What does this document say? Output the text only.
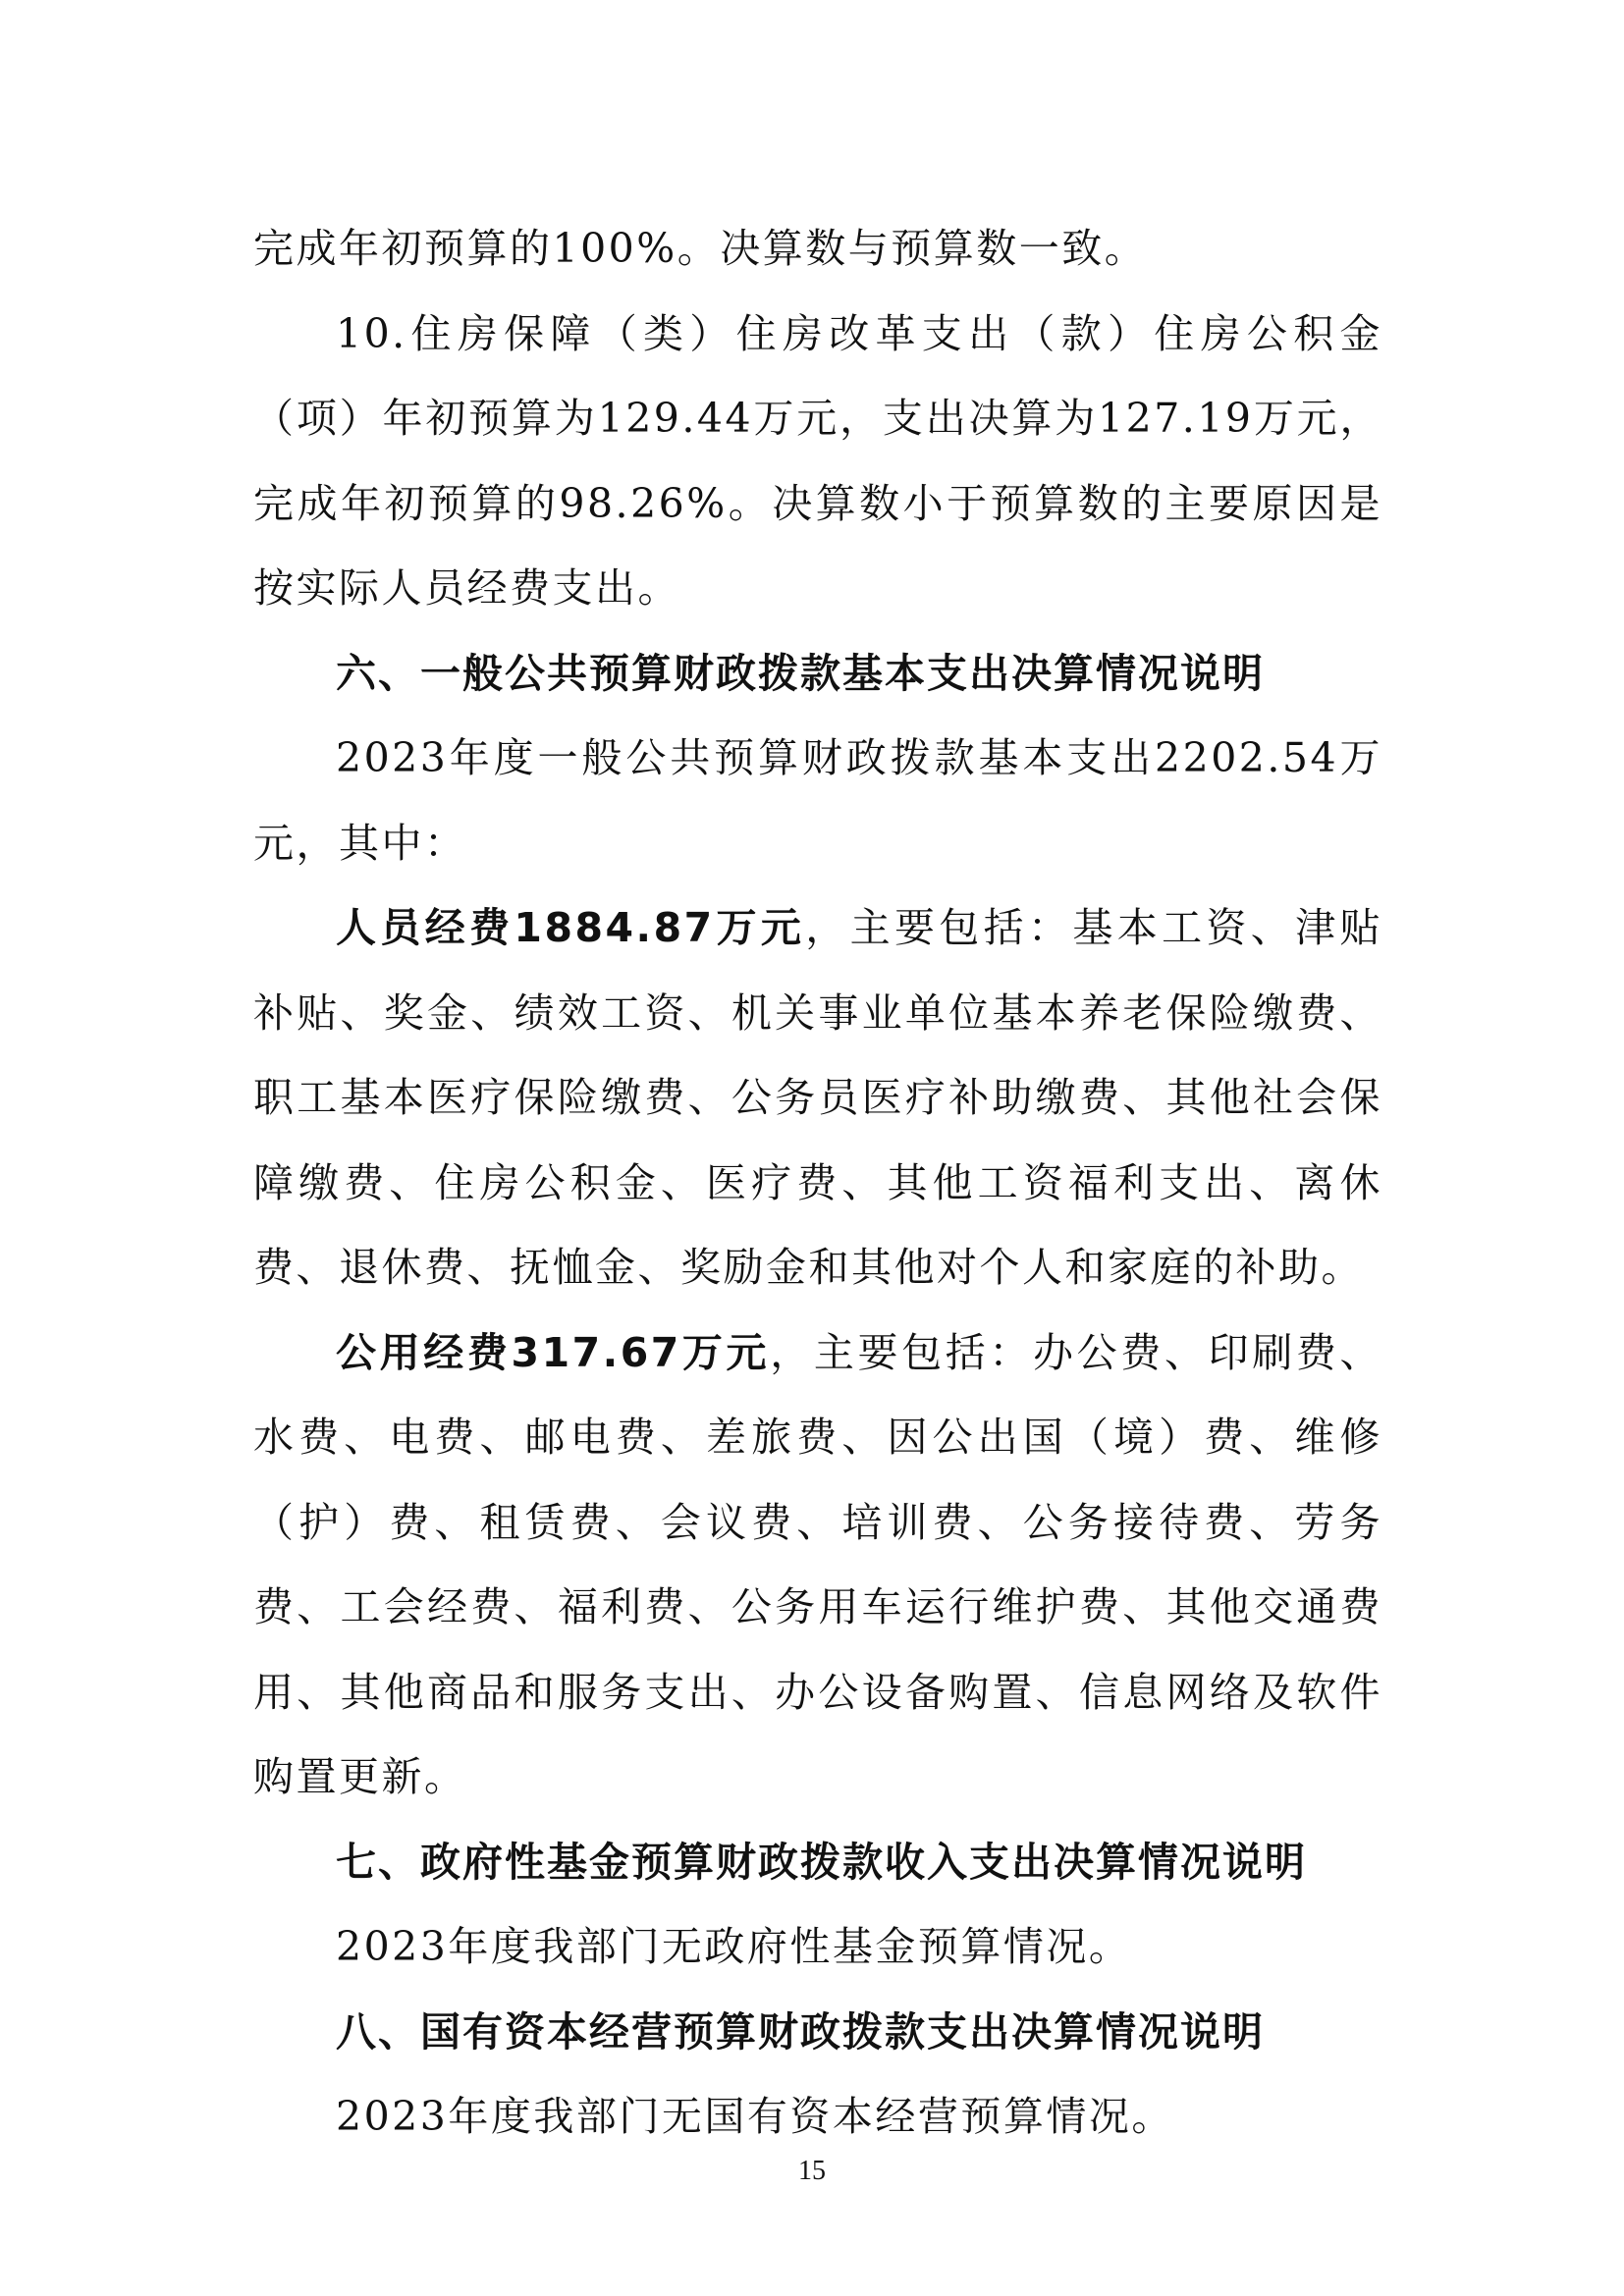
完成年初预算的100%。决算数与预算数一致。

10.住房保障（类）住房改革支出（款）住房公积金（项）年初预算为129.44万元，支出决算为127.19万元，完成年初预算的98.26%。决算数小于预算数的主要原因是按实际人员经费支出。

六、一般公共预算财政拨款基本支出决算情况说明

2023年度一般公共预算财政拨款基本支出2202.54万元，其中：

人员经费1884.87万元，主要包括：基本工资、津贴补贴、奖金、绩效工资、机关事业单位基本养老保险缴费、职工基本医疗保险缴费、公务员医疗补助缴费、其他社会保障缴费、住房公积金、医疗费、其他工资福利支出、离休费、退休费、抚恤金、奖励金和其他对个人和家庭的补助。

公用经费317.67万元，主要包括：办公费、印刷费、水费、电费、邮电费、差旅费、因公出国（境）费、维修（护）费、租赁费、会议费、培训费、公务接待费、劳务费、工会经费、福利费、公务用车运行维护费、其他交通费用、其他商品和服务支出、办公设备购置、信息网络及软件购置更新。

七、政府性基金预算财政拨款收入支出决算情况说明

2023年度我部门无政府性基金预算情况。

八、国有资本经营预算财政拨款支出决算情况说明

2023年度我部门无国有资本经营预算情况。

15
